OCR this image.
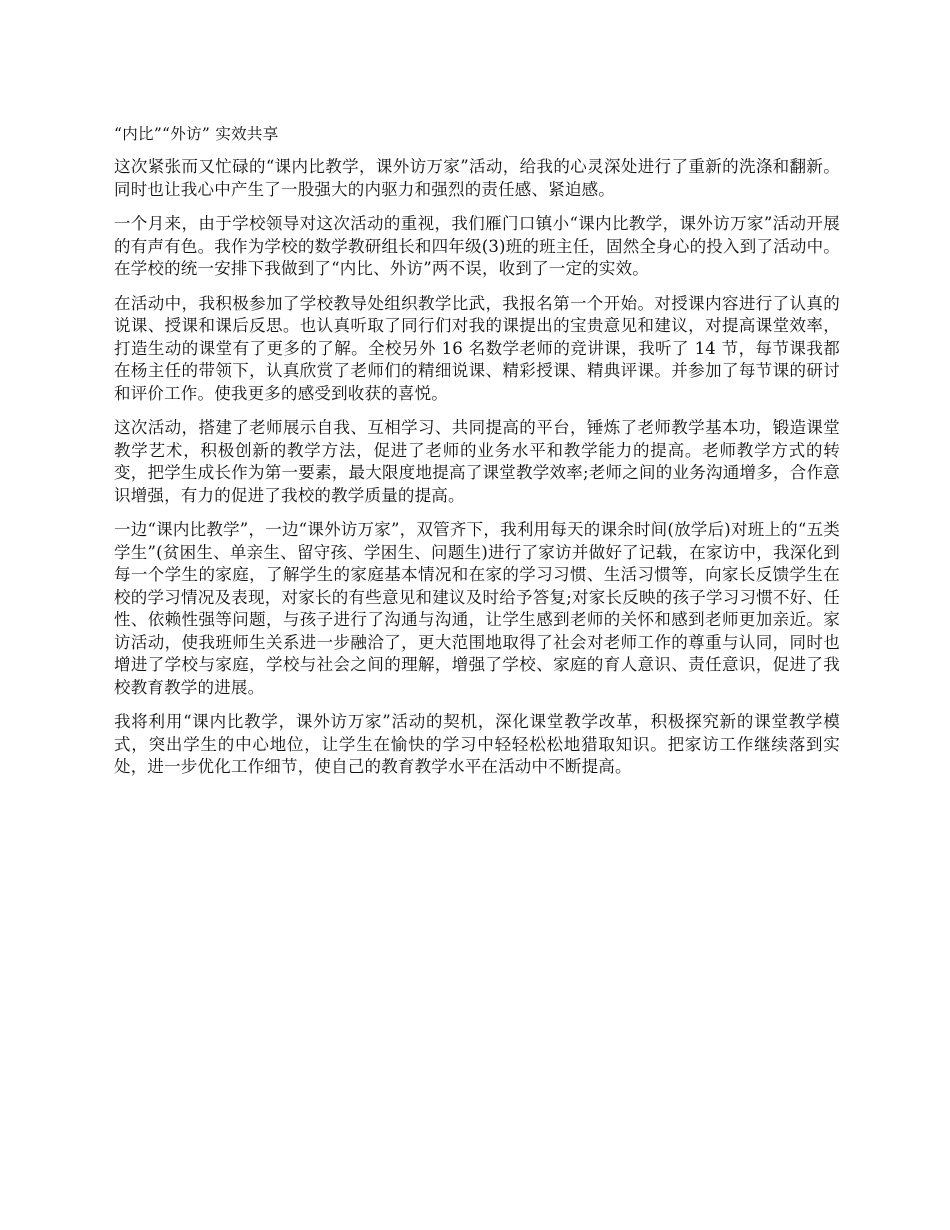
“内比”“外访” 实效共享

这次紧张而又忙碌的“课内比教学，课外访万家”活动，给我的心灵深处进行了重新的洗涤和翻新。同时也让我心中产生了一股强大的内驱力和强烈的责任感、紧迫感。

一个月来，由于学校领导对这次活动的重视，我们雁门口镇小“课内比教学，课外访万家”活动开展的有声有色。我作为学校的数学教研组长和四年级(3)班的班主任，固然全身心的投入到了活动中。在学校的统一安排下我做到了“内比、外访”两不误，收到了一定的实效。

在活动中，我积极参加了学校教导处组织教学比武，我报名第一个开始。对授课内容进行了认真的说课、授课和课后反思。也认真听取了同行们对我的课提出的宝贵意见和建议，对提高课堂效率，打造生动的课堂有了更多的了解。全校另外 16 名数学老师的竞讲课，我听了 14 节，每节课我都在杨主任的带领下，认真欣赏了老师们的精细说课、精彩授课、精典评课。并参加了每节课的研讨和评价工作。使我更多的感受到收获的喜悦。

这次活动，搭建了老师展示自我、互相学习、共同提高的平台，锤炼了老师教学基本功，锻造课堂教学艺术，积极创新的教学方法，促进了老师的业务水平和教学能力的提高。老师教学方式的转变，把学生成长作为第一要素，最大限度地提高了课堂教学效率;老师之间的业务沟通增多，合作意识增强，有力的促进了我校的教学质量的提高。

一边“课内比教学”，一边“课外访万家”，双管齐下，我利用每天的课余时间(放学后)对班上的“五类学生”(贫困生、单亲生、留守孩、学困生、问题生)进行了家访并做好了记载，在家访中，我深化到每一个学生的家庭，了解学生的家庭基本情况和在家的学习习惯、生活习惯等，向家长反馈学生在校的学习情况及表现，对家长的有些意见和建议及时给予答复;对家长反映的孩子学习习惯不好、任性、依赖性强等问题，与孩子进行了沟通与沟通，让学生感到老师的关怀和感到老师更加亲近。家访活动，使我班师生关系进一步融洽了，更大范围地取得了社会对老师工作的尊重与认同，同时也增进了学校与家庭，学校与社会之间的理解，增强了学校、家庭的育人意识、责任意识，促进了我校教育教学的进展。

我将利用“课内比教学，课外访万家”活动的契机，深化课堂教学改革，积极探究新的课堂教学模式，突出学生的中心地位，让学生在愉快的学习中轻轻松松地猎取知识。把家访工作继续落到实处，进一步优化工作细节，使自己的教育教学水平在活动中不断提高。
